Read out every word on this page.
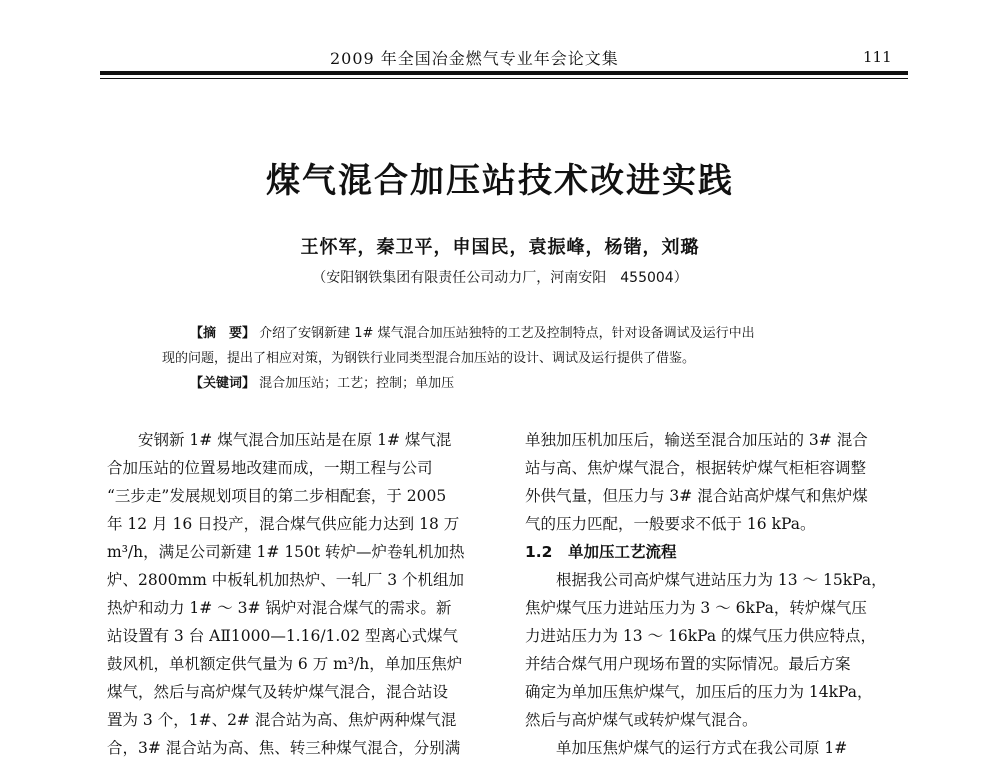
2009 年全国冶金燃气专业年会论文集	111
煤气混合加压站技术改进实践
王怀军，秦卫平，申国民，袁振峰，杨锴，刘璐
（安阳钢铁集团有限责任公司动力厂，河南安阳　455004）
【摘　要】 介绍了安钢新建 1# 煤气混合加压站独特的工艺及控制特点，针对设备调试及运行中出
现的问题，提出了相应对策，为钢铁行业同类型混合加压站的设计、调试及运行提供了借鉴。
【关键词】 混合加压站；工艺；控制；单加压
　　安钢新 1# 煤气混合加压站是在原 1# 煤气混
合加压站的位置易地改建而成，一期工程与公司
“三步走”发展规划项目的第二步相配套，于 2005
年 12 月 16 日投产，混合煤气供应能力达到 18 万
m³/h，满足公司新建 1# 150t 转炉—炉卷轧机加热
炉、2800mm 中板轧机加热炉、一轧厂 3 个机组加
热炉和动力 1# ～ 3# 锅炉对混合煤气的需求。新
站设置有 3 台 AⅡ1000—1.16/1.02 型离心式煤气
鼓风机，单机额定供气量为 6 万 m³/h，单加压焦炉
煤气，然后与高炉煤气及转炉煤气混合，混合站设
置为 3 个，1#、2# 混合站为高、焦炉两种煤气混
合，3# 混合站为高、焦、转三种煤气混合，分别满
单独加压机加压后，输送至混合加压站的 3# 混合
站与高、焦炉煤气混合，根据转炉煤气柜柜容调整
外供气量，但压力与 3# 混合站高炉煤气和焦炉煤
气的压力匹配，一般要求不低于 16 kPa。
1.2　单加压工艺流程
　　根据我公司高炉煤气进站压力为 13 ～ 15kPa，
焦炉煤气压力进站压力为 3 ～ 6kPa，转炉煤气压
力进站压力为 13 ～ 16kPa 的煤气压力供应特点，
并结合煤气用户现场布置的实际情况。最后方案
确定为单加压焦炉煤气，加压后的压力为 14kPa，
然后与高炉煤气或转炉煤气混合。
　　单加压焦炉煤气的运行方式在我公司原 1#
